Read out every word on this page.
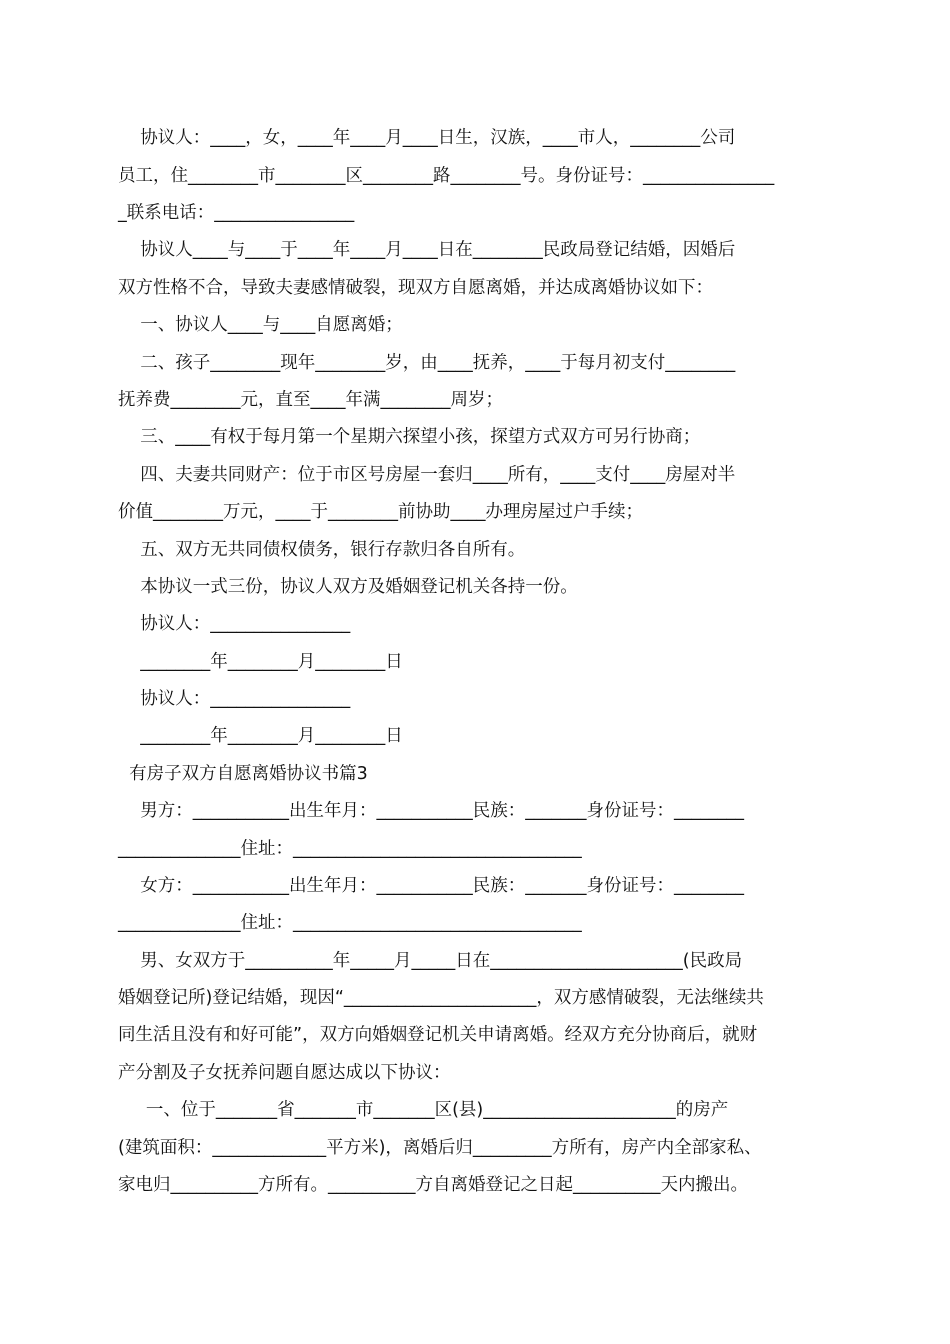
协议人：____，女，____年____月____日生，汉族，____市人，________公司
员工，住________市________区________路________号。身份证号：_______________
_联系电话：________________
协议人____与____于____年____月____日在________民政局登记结婚，因婚后
双方性格不合，导致夫妻感情破裂，现双方自愿离婚，并达成离婚协议如下：
一、协议人____与____自愿离婚；
二、孩子________现年________岁，由____抚养，____于每月初支付________
抚养费________元，直至____年满________周岁；
三、____有权于每月第一个星期六探望小孩，探望方式双方可另行协商；
四、夫妻共同财产：位于市区号房屋一套归____所有，____支付____房屋对半
价值________万元，____于________前协助____办理房屋过户手续；
五、双方无共同债权债务，银行存款归各自所有。
本协议一式三份，协议人双方及婚姻登记机关各持一份。
协议人：________________
________年________月________日
协议人：________________
________年________月________日
有房子双方自愿离婚协议书篇3
男方：___________出生年月：___________民族：_______身份证号：________
______________住址：_________________________________
女方：___________出生年月：___________民族：_______身份证号：________
______________住址：_________________________________
男、女双方于__________年_____月_____日在______________________(民政局
婚姻登记所)登记结婚，现因“______________________，双方感情破裂，无法继续共
同生活且没有和好可能”，双方向婚姻登记机关申请离婚。经双方充分协商后，就财
产分割及子女抚养问题自愿达成以下协议：
一、位于_______省_______市_______区(县)______________________的房产
(建筑面积：_____________平方米)，离婚后归_________方所有，房产内全部家私、
家电归__________方所有。__________方自离婚登记之日起__________天内搬出。
